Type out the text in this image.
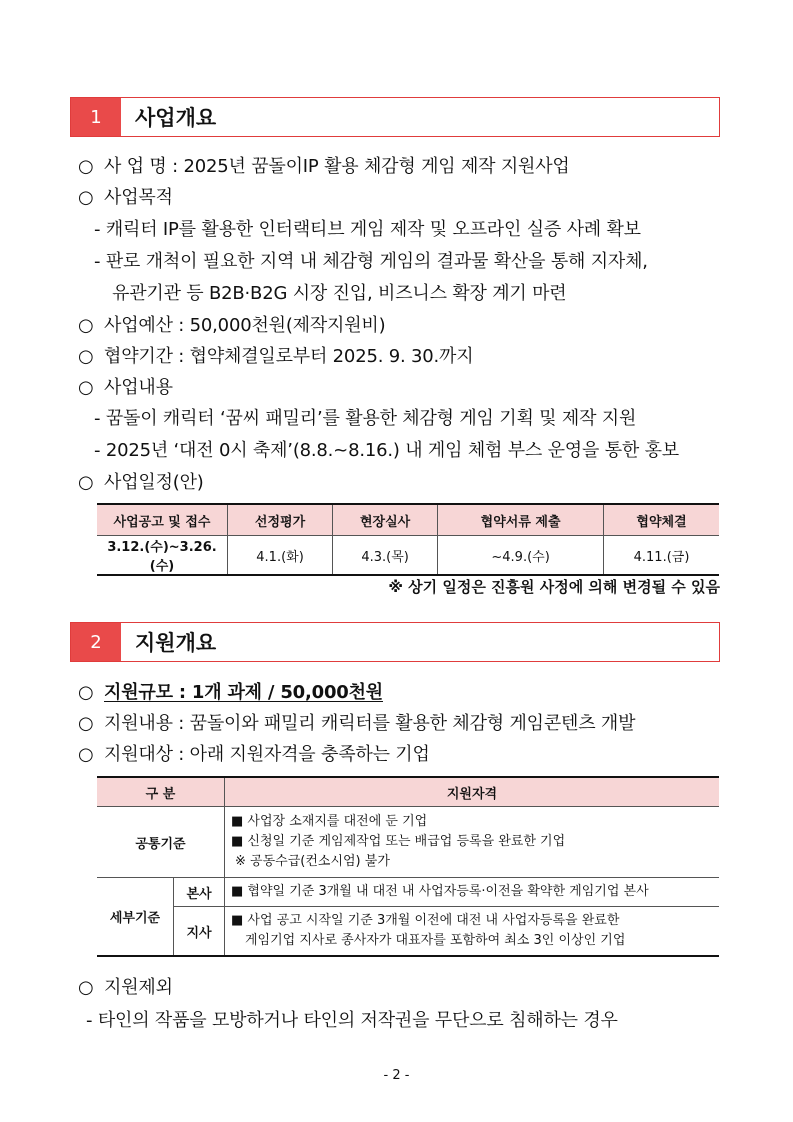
1	사업개요
○ 사 업 명 : 2025년 꿈돌이IP 활용 체감형 게임 제작 지원사업
○ 사업목적
- 캐릭터 IP를 활용한 인터랙티브 게임 제작 및 오프라인 실증 사례 확보
- 판로 개척이 필요한 지역 내 체감형 게임의 결과물 확산을 통해 지자체,
유관기관 등 B2B·B2G 시장 진입, 비즈니스 확장 계기 마련
○ 사업예산 : 50,000천원(제작지원비)
○ 협약기간 : 협약체결일로부터 2025. 9. 30.까지
○ 사업내용
- 꿈돌이 캐릭터 ‘꿈씨 패밀리’를 활용한 체감형 게임 기획 및 제작 지원
- 2025년 ‘대전 0시 축제’(8.8.~8.16.) 내 게임 체험 부스 운영을 통한 홍보
○ 사업일정(안)
사업공고 및 접수	선정평가	현장실사	협약서류 제출	협약체결
3.12.(수)~3.26.(수)	4.1.(화)	4.3.(목)	~4.9.(수)	4.11.(금)
※ 상기 일정은 진흥원 사정에 의해 변경될 수 있음
2	지원개요
○ 지원규모 : 1개 과제 / 50,000천원
○ 지원내용 : 꿈돌이와 패밀리 캐릭터를 활용한 체감형 게임콘텐츠 개발
○ 지원대상 : 아래 지원자격을 충족하는 기업
구 분		지원자격
공통기준		■ 사업장 소재지를 대전에 둔 기업
■ 신청일 기준 게임제작업 또는 배급업 등록을 완료한 기업
※ 공동수급(컨소시엄) 불가

세부기준	본사	■ 협약일 기준 3개월 내 대전 내 사업자등록·이전을 확약한 게임기업 본사

	지사	■ 사업 공고 시작일 기준 3개월 이전에 대전 내 사업자등록을 완료한
게임기업 지사로 종사자가 대표자를 포함하여 최소 3인 이상인 기업
○ 지원제외
- 타인의 작품을 모방하거나 타인의 저작권을 무단으로 침해하는 경우
- 2 -
